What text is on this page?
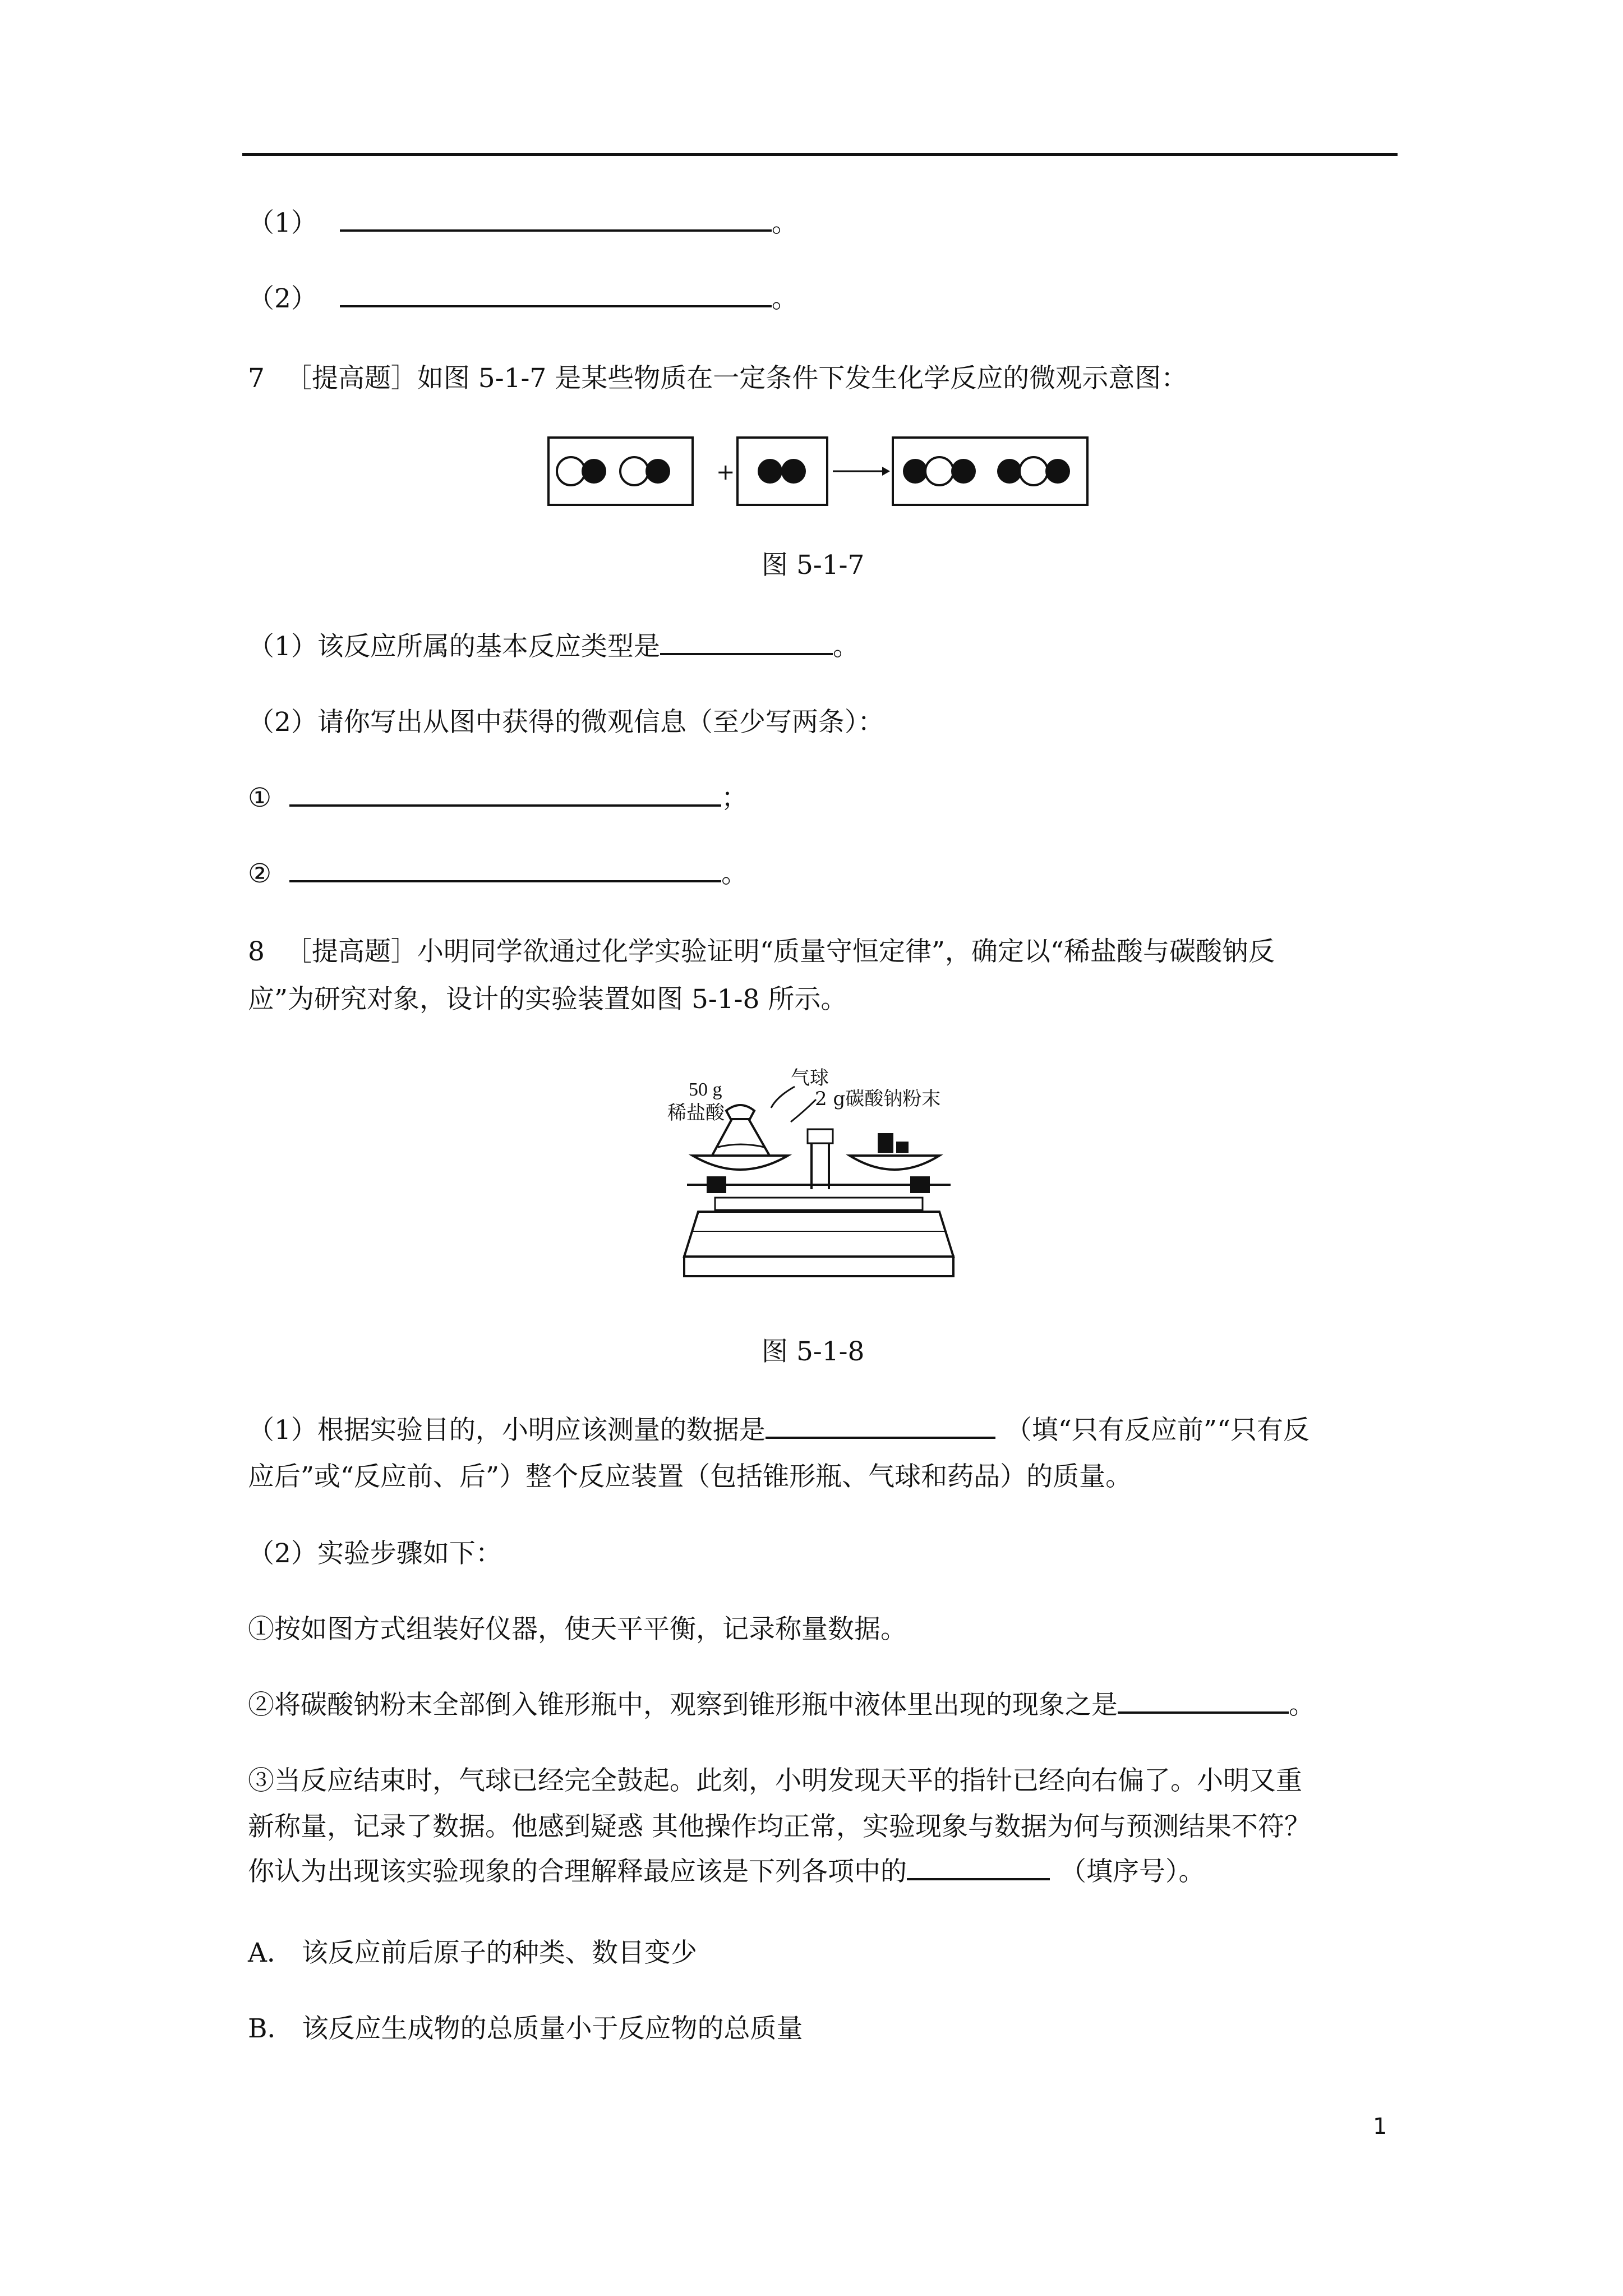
（1）	。
（2）	。
7 ［提高题］如图 5-1-7 是某些物质在一定条件下发生化学反应的微观示意图：
+
图 5-1-7
（1）该反应所属的基本反应类型是	。
（2）请你写出从图中获得的微观信息（至少写两条）：
①	；
②	。
8 ［提高题］小明同学欲通过化学实验证明“质量守恒定律”，确定以“稀盐酸与碳酸钠反
应”为研究对象，设计的实验装置如图 5-1-8 所示。
50 g
稀盐酸
气球
2 g碳酸钠粉末
图 5-1-8
（1）根据实验目的，小明应该测量的数据是	（填“只有反应前”“只有反
应后”或“反应前、后”）整个反应装置（包括锥形瓶、气球和药品）的质量。
（2）实验步骤如下：
①按如图方式组装好仪器，使天平平衡，记录称量数据。
②将碳酸钠粉末全部倒入锥形瓶中，观察到锥形瓶中液体里出现的现象之是	。
③当反应结束时，气球已经完全鼓起。此刻，小明发现天平的指针已经向右偏了。小明又重
新称量，记录了数据。他感到疑惑 其他操作均正常，实验现象与数据为何与预测结果不符？
你认为出现该实验现象的合理解释最应该是下列各项中的	（填序号）。
A． 该反应前后原子的种类、数目变少
B． 该反应生成物的总质量小于反应物的总质量
1
